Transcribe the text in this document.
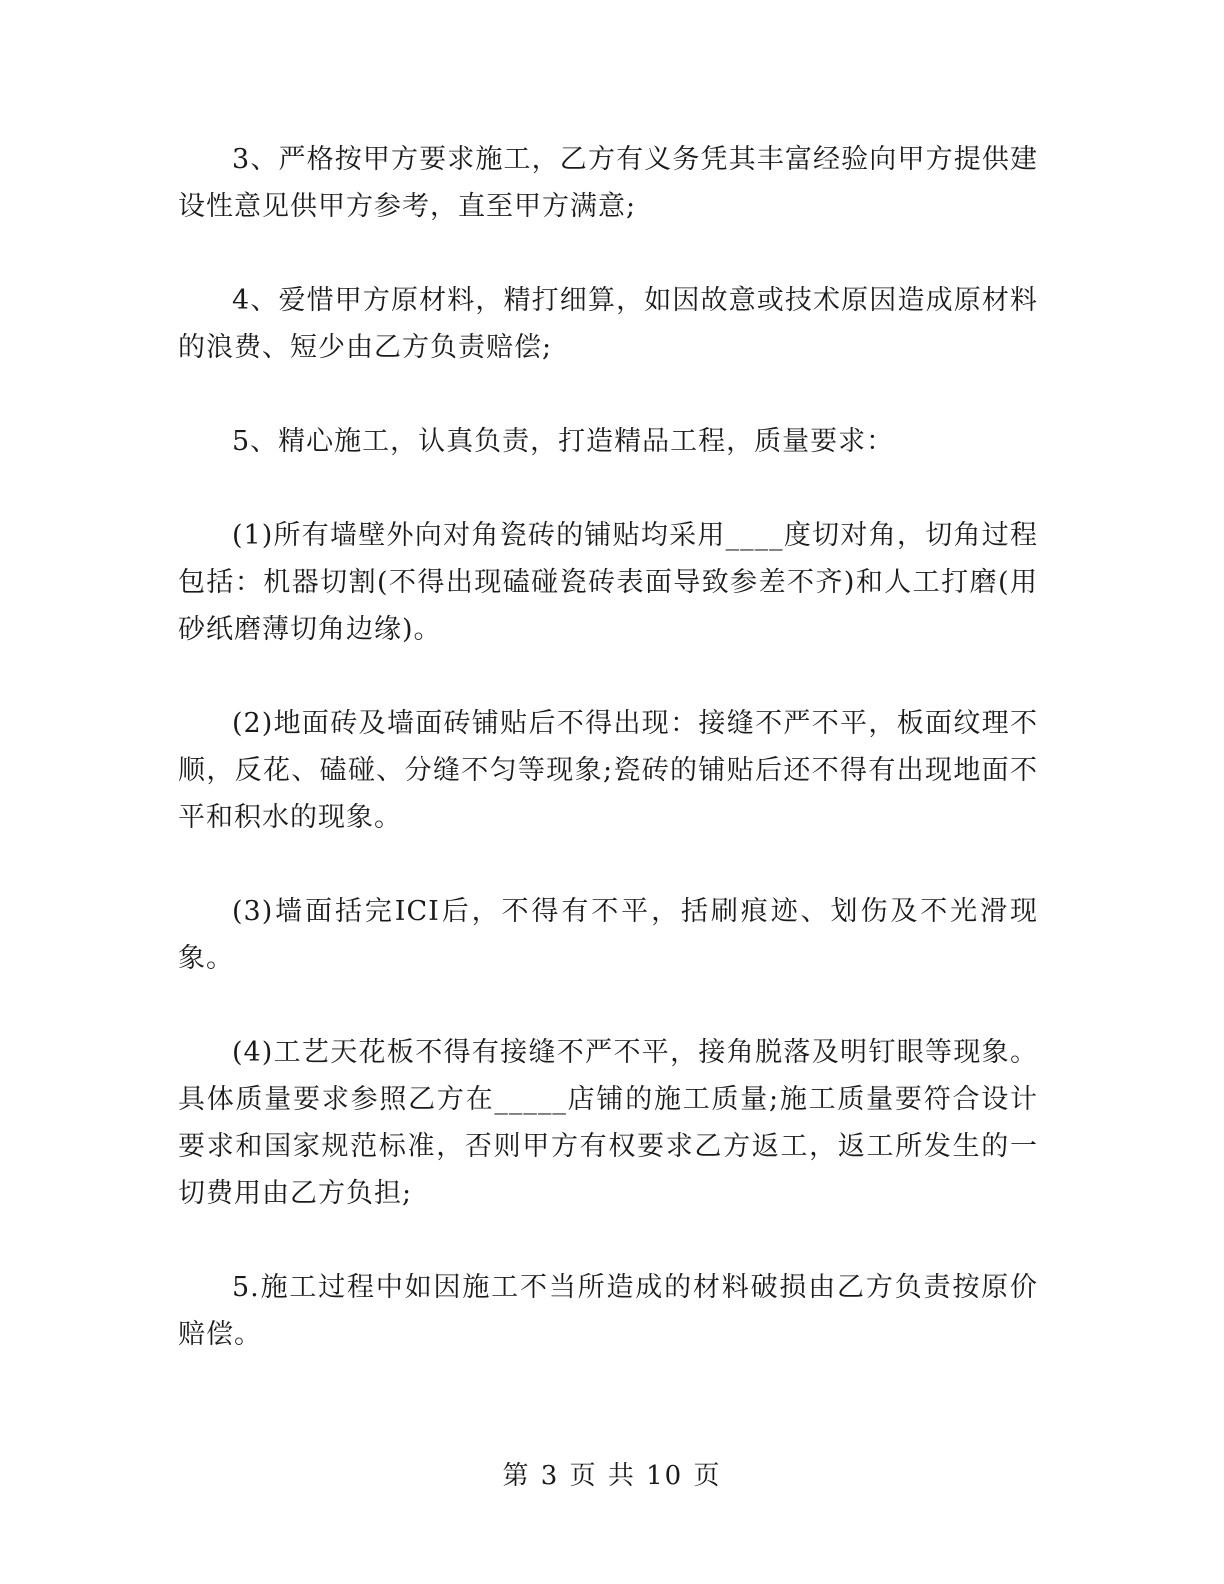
3、严格按甲方要求施工，乙方有义务凭其丰富经验向甲方提供建设性意见供甲方参考，直至甲方满意;

4、爱惜甲方原材料，精打细算，如因故意或技术原因造成原材料的浪费、短少由乙方负责赔偿;

5、精心施工，认真负责，打造精品工程，质量要求：

(1)所有墙壁外向对角瓷砖的铺贴均采用____度切对角，切角过程包括：机器切割(不得出现磕碰瓷砖表面导致参差不齐)和人工打磨(用砂纸磨薄切角边缘)。

(2)地面砖及墙面砖铺贴后不得出现：接缝不严不平，板面纹理不顺，反花、磕碰、分缝不匀等现象;瓷砖的铺贴后还不得有出现地面不平和积水的现象。

(3)墙面括完ICI后，不得有不平，括刷痕迹、划伤及不光滑现象。

(4)工艺天花板不得有接缝不严不平，接角脱落及明钉眼等现象。具体质量要求参照乙方在_____店铺的施工质量;施工质量要符合设计要求和国家规范标准，否则甲方有权要求乙方返工，返工所发生的一切费用由乙方负担;

5.施工过程中如因施工不当所造成的材料破损由乙方负责按原价赔偿。

第 3 页 共 10 页
